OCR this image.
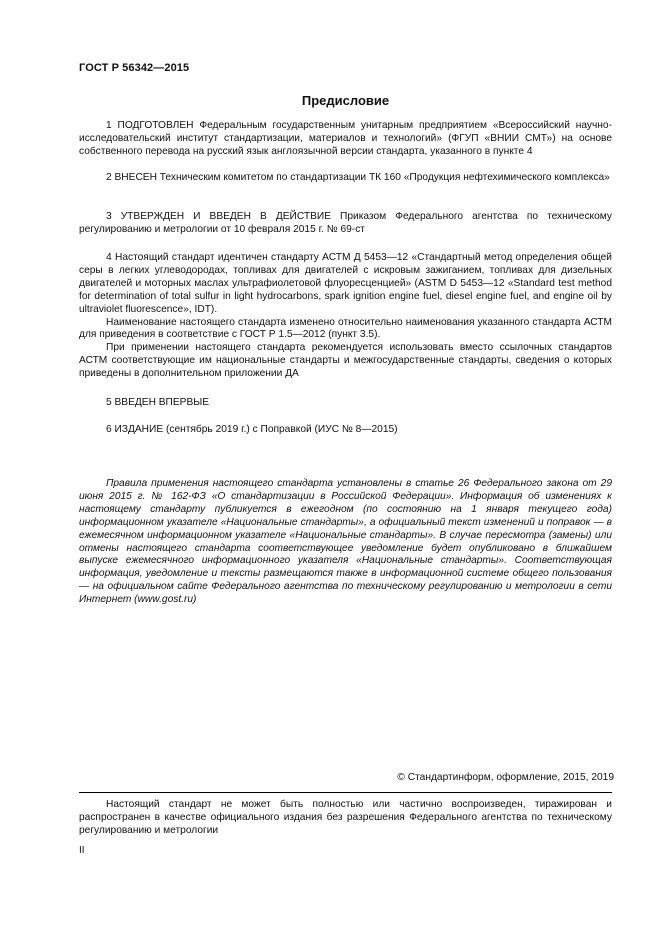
ГОСТ Р 56342—2015
Предисловие

1 ПОДГОТОВЛЕН Федеральным государственным унитарным предприятием «Всероссийский научно-исследовательский институт стандартизации, материалов и технологий» (ФГУП «ВНИИ СМТ») на основе собственного перевода на русский язык англоязычной версии стандарта, указанного в пункте 4

2 ВНЕСЕН Техническим комитетом по стандартизации ТК 160 «Продукция нефтехимического комплекса»

3 УТВЕРЖДЕН И ВВЕДЕН В ДЕЙСТВИЕ Приказом Федерального агентства по техническому регулированию и метрологии от 10 февраля 2015 г. № 69-ст

4 Настоящий стандарт идентичен стандарту АСТМ Д 5453—12 «Стандартный метод определения общей серы в легких углеводородах, топливах для двигателей с искровым зажиганием, топливах для дизельных двигателей и моторных маслах ультрафиолетовой флуоресценцией» (ASTM D 5453—12 «Standard test method for determination of total sulfur in light hydrocarbons, spark ignition engine fuel, diesel engine fuel, and engine oil by ultraviolet fluorescence», IDT).

Наименование настоящего стандарта изменено относительно наименования указанного стандарта АСТМ для приведения в соответствие с ГОСТ Р 1.5—2012 (пункт 3.5).

При применении настоящего стандарта рекомендуется использовать вместо ссылочных стандартов АСТМ соответствующие им национальные стандарты и межгосударственные стандарты, сведения о которых приведены в дополнительном приложении ДА

5 ВВЕДЕН ВПЕРВЫЕ

6 ИЗДАНИЕ (сентябрь 2019 г.) с Поправкой (ИУС № 8—2015)

Правила применения настоящего стандарта установлены в статье 26 Федерального закона от 29 июня 2015 г. № 162-ФЗ «О стандартизации в Российской Федерации». Информация об изменениях к настоящему стандарту публикуется в ежегодном (по состоянию на 1 января текущего года) информационном указателе «Национальные стандарты», а официальный текст изменений и поправок — в ежемесячном информационном указателе «Национальные стандарты». В случае пересмотра (замены) или отмены настоящего стандарта соответствующее уведомление будет опубликовано в ближайшем выпуске ежемесячного информационного указателя «Национальные стандарты». Соответствующая информация, уведомление и тексты размещаются также в информационной системе общего пользования — на официальном сайте Федерального агентства по техническому регулированию и метрологии в сети Интернет (www.gost.ru)

© Стандартинформ, оформление, 2015, 2019

Настоящий стандарт не может быть полностью или частично воспроизведен, тиражирован и распространен в качестве официального издания без разрешения Федерального агентства по техническому регулированию и метрологии

II
